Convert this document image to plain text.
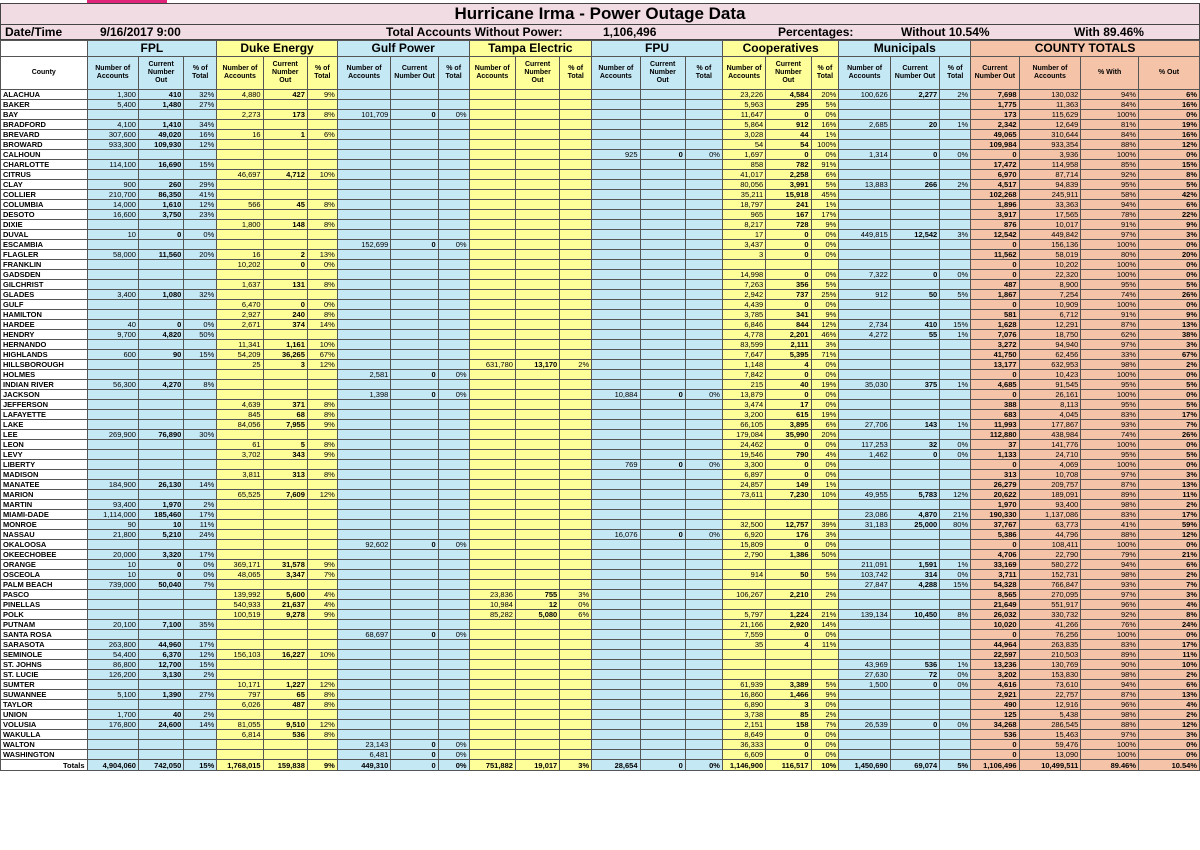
Hurricane Irma - Power Outage Data
Date/Time	9/16/2017 9:00	Total Accounts Without Power:	1,106,496	Percentages:	Without 10.54%	With 89.46%
	FPL			Duke Energy			Gulf Power			Tampa Electric			FPU			Cooperatives			Municipals			COUNTY TOTALS			
County	Number of Accounts	Current Number Out	% of Total	Number of Accounts	Current Number Out	% of Total	Number of Accounts	Current Number Out	% of Total	Number of Accounts	Current Number Out	% of Total	Number of Accounts	Current Number Out	% of Total	Number of Accounts	Current Number Out	% of Total	Number of Accounts	Current Number Out	% of Total	Current Number Out	Number of Accounts	% With	% Out
ALACHUA	1,300	410	32%	4,880	427	9%										23,226	4,584	20%	100,626	2,277	2%	7,698	130,032	94%	6%
BAKER	5,400	1,480	27%													5,963	295	5%				1,775	11,363	84%	16%
BAY				2,273	173	8%	101,709	0	0%							11,647	0	0%				173	115,629	100%	0%
BRADFORD	4,100	1,410	34%													5,864	912	16%	2,685	20	1%	2,342	12,649	81%	19%
BREVARD	307,600	49,020	16%	16	1	6%										3,028	44	1%				49,065	310,644	84%	16%
BROWARD	933,300	109,930	12%													54	54	100%				109,984	933,354	88%	12%
CALHOUN													925	0	0%	1,697	0	0%	1,314	0	0%	0	3,936	100%	0%
CHARLOTTE	114,100	16,690	15%													858	782	91%				17,472	114,958	85%	15%
CITRUS				46,697	4,712	10%										41,017	2,258	6%				6,970	87,714	92%	8%
CLAY	900	260	29%													80,056	3,991	5%	13,883	266	2%	4,517	94,839	95%	5%
COLLIER	210,700	86,350	41%													35,211	15,918	45%				102,268	245,911	58%	42%
COLUMBIA	14,000	1,610	12%	566	45	8%										18,797	241	1%				1,896	33,363	94%	6%
DESOTO	16,600	3,750	23%													965	167	17%				3,917	17,565	78%	22%
DIXIE				1,800	148	8%										8,217	728	9%				876	10,017	91%	9%
DUVAL	10	0	0%													17	0	0%	449,815	12,542	3%	12,542	449,842	97%	3%
ESCAMBIA							152,699	0	0%							3,437	0	0%				0	156,136	100%	0%
FLAGLER	58,000	11,560	20%	16	2	13%										3	0	0%				11,562	58,019	80%	20%
FRANKLIN				10,202	0	0%																0	10,202	100%	0%
GADSDEN																14,998	0	0%	7,322	0	0%	0	22,320	100%	0%
GILCHRIST				1,637	131	8%										7,263	356	5%				487	8,900	95%	5%
GLADES	3,400	1,080	32%													2,942	737	25%	912	50	5%	1,867	7,254	74%	26%
GULF				6,470	0	0%										4,439	0	0%				0	10,909	100%	0%
HAMILTON				2,927	240	8%										3,785	341	9%				581	6,712	91%	9%
HARDEE	40	0	0%	2,671	374	14%										6,846	844	12%	2,734	410	15%	1,628	12,291	87%	13%
HENDRY	9,700	4,820	50%													4,778	2,201	46%	4,272	55	1%	7,076	18,750	62%	38%
HERNANDO				11,341	1,161	10%										83,599	2,111	3%				3,272	94,940	97%	3%
HIGHLANDS	600	90	15%	54,209	36,265	67%										7,647	5,395	71%				41,750	62,456	33%	67%
HILLSBOROUGH				25	3	12%				631,780	13,170	2%				1,148	4	0%				13,177	632,953	98%	2%
HOLMES							2,581	0	0%							7,842	0	0%				0	10,423	100%	0%
INDIAN RIVER	56,300	4,270	8%													215	40	19%	35,030	375	1%	4,685	91,545	95%	5%
JACKSON							1,398	0	0%				10,884	0	0%	13,879	0	0%				0	26,161	100%	0%
JEFFERSON				4,639	371	8%										3,474	17	0%				388	8,113	95%	5%
LAFAYETTE				845	68	8%										3,200	615	19%				683	4,045	83%	17%
LAKE				84,056	7,955	9%										66,105	3,895	6%	27,706	143	1%	11,993	177,867	93%	7%
LEE	269,900	76,890	30%													179,084	35,990	20%				112,880	438,984	74%	26%
LEON				61	5	8%										24,462	0	0%	117,253	32	0%	37	141,776	100%	0%
LEVY				3,702	343	9%										19,546	790	4%	1,462	0	0%	1,133	24,710	95%	5%
LIBERTY													769	0	0%	3,300	0	0%				0	4,069	100%	0%
MADISON				3,811	313	8%										6,897	0	0%				313	10,708	97%	3%
MANATEE	184,900	26,130	14%													24,857	149	1%				26,279	209,757	87%	13%
MARION				65,525	7,609	12%										73,611	7,230	10%	49,955	5,783	12%	20,622	189,091	89%	11%
MARTIN	93,400	1,970	2%																			1,970	93,400	98%	2%
MIAMI-DADE	1,114,000	185,460	17%																23,086	4,870	21%	190,330	1,137,086	83%	17%
MONROE	90	10	11%													32,500	12,757	39%	31,183	25,000	80%	37,767	63,773	41%	59%
NASSAU	21,800	5,210	24%										16,076	0	0%	6,920	176	3%				5,386	44,796	88%	12%
OKALOOSA							92,602	0	0%							15,809	0	0%				0	108,411	100%	0%
OKEECHOBEE	20,000	3,320	17%													2,790	1,386	50%				4,706	22,790	79%	21%
ORANGE	10	0	0%	369,171	31,578	9%													211,091	1,591	1%	33,169	580,272	94%	6%
OSCEOLA	10	0	0%	48,065	3,347	7%										914	50	5%	103,742	314	0%	3,711	152,731	98%	2%
PALM BEACH	739,000	50,040	7%																27,847	4,288	15%	54,328	766,847	93%	7%
PASCO				139,992	5,600	4%				23,836	755	3%				106,267	2,210	2%				8,565	270,095	97%	3%
PINELLAS				540,933	21,637	4%				10,984	12	0%										21,649	551,917	96%	4%
POLK				100,519	9,278	9%				85,282	5,080	6%				5,797	1,224	21%	139,134	10,450	8%	26,032	330,732	92%	8%
PUTNAM	20,100	7,100	35%													21,166	2,920	14%				10,020	41,266	76%	24%
SANTA ROSA							68,697	0	0%							7,559	0	0%				0	76,256	100%	0%
SARASOTA	263,800	44,960	17%													35	4	11%				44,964	263,835	83%	17%
SEMINOLE	54,400	6,370	12%	156,103	16,227	10%																22,597	210,503	89%	11%
ST. JOHNS	86,800	12,700	15%																43,969	536	1%	13,236	130,769	90%	10%
ST. LUCIE	126,200	3,130	2%																27,630	72	0%	3,202	153,830	98%	2%
SUMTER				10,171	1,227	12%										61,939	3,389	5%	1,500	0	0%	4,616	73,610	94%	6%
SUWANNEE	5,100	1,390	27%	797	65	8%										16,860	1,466	9%				2,921	22,757	87%	13%
TAYLOR				6,026	487	8%										6,890	3	0%				490	12,916	96%	4%
UNION	1,700	40	2%													3,738	85	2%				125	5,438	98%	2%
VOLUSIA	176,800	24,600	14%	81,055	9,510	12%										2,151	158	7%	26,539	0	0%	34,268	286,545	88%	12%
WAKULLA				6,814	536	8%										8,649	0	0%				536	15,463	97%	3%
WALTON							23,143	0	0%							36,333	0	0%				0	59,476	100%	0%
WASHINGTON							6,481	0	0%							6,609	0	0%				0	13,090	100%	0%
Totals	4,904,060	742,050	15%	1,768,015	159,838	9%	449,310	0	0%	751,882	19,017	3%	28,654	0	0%	1,146,900	116,517	10%	1,450,690	69,074	5%	1,106,496	10,499,511	89.46%	10.54%
